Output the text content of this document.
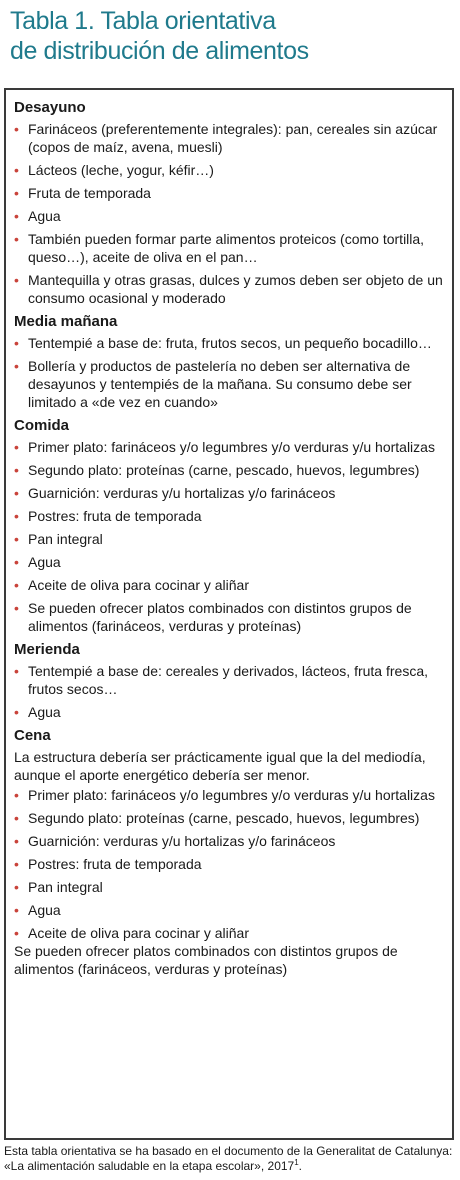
Tabla 1. Tabla orientativa
de distribución de alimentos
Desayuno
• Farináceos (preferentemente integrales): pan, cereales sin azúcar (copos de maíz, avena, muesli)
• Lácteos (leche, yogur, kéfir…)
• Fruta de temporada
• Agua
• También pueden formar parte alimentos proteicos (como tortilla, queso…), aceite de oliva en el pan…
• Mantequilla y otras grasas, dulces y zumos deben ser objeto de un consumo ocasional y moderado
Media mañana
• Tentempié a base de: fruta, frutos secos, un pequeño bocadillo…
• Bollería y productos de pastelería no deben ser alternativa de desayunos y tentempiés de la mañana. Su consumo debe ser limitado a «de vez en cuando»
Comida
• Primer plato: farináceos y/o legumbres y/o verduras y/u hortalizas
• Segundo plato: proteínas (carne, pescado, huevos, legumbres)
• Guarnición: verduras y/u hortalizas y/o farináceos
• Postres: fruta de temporada
• Pan integral
• Agua
• Aceite de oliva para cocinar y aliñar
• Se pueden ofrecer platos combinados con distintos grupos de alimentos (farináceos, verduras y proteínas)
Merienda
• Tentempié a base de: cereales y derivados, lácteos, fruta fresca, frutos secos…
• Agua
Cena

La estructura debería ser prácticamente igual que la del mediodía, aunque el aporte energético debería ser menor.

• Primer plato: farináceos y/o legumbres y/o verduras y/u hortalizas
• Segundo plato: proteínas (carne, pescado, huevos, legumbres)
• Guarnición: verduras y/u hortalizas y/o farináceos
• Postres: fruta de temporada
• Pan integral
• Agua
• Aceite de oliva para cocinar y aliñar

Se pueden ofrecer platos combinados con distintos grupos de alimentos (farináceos, verduras y proteínas)

Esta tabla orientativa se ha basado en el documento de la Generalitat de Catalunya: «La alimentación saludable en la etapa escolar», 2017$^1$.
